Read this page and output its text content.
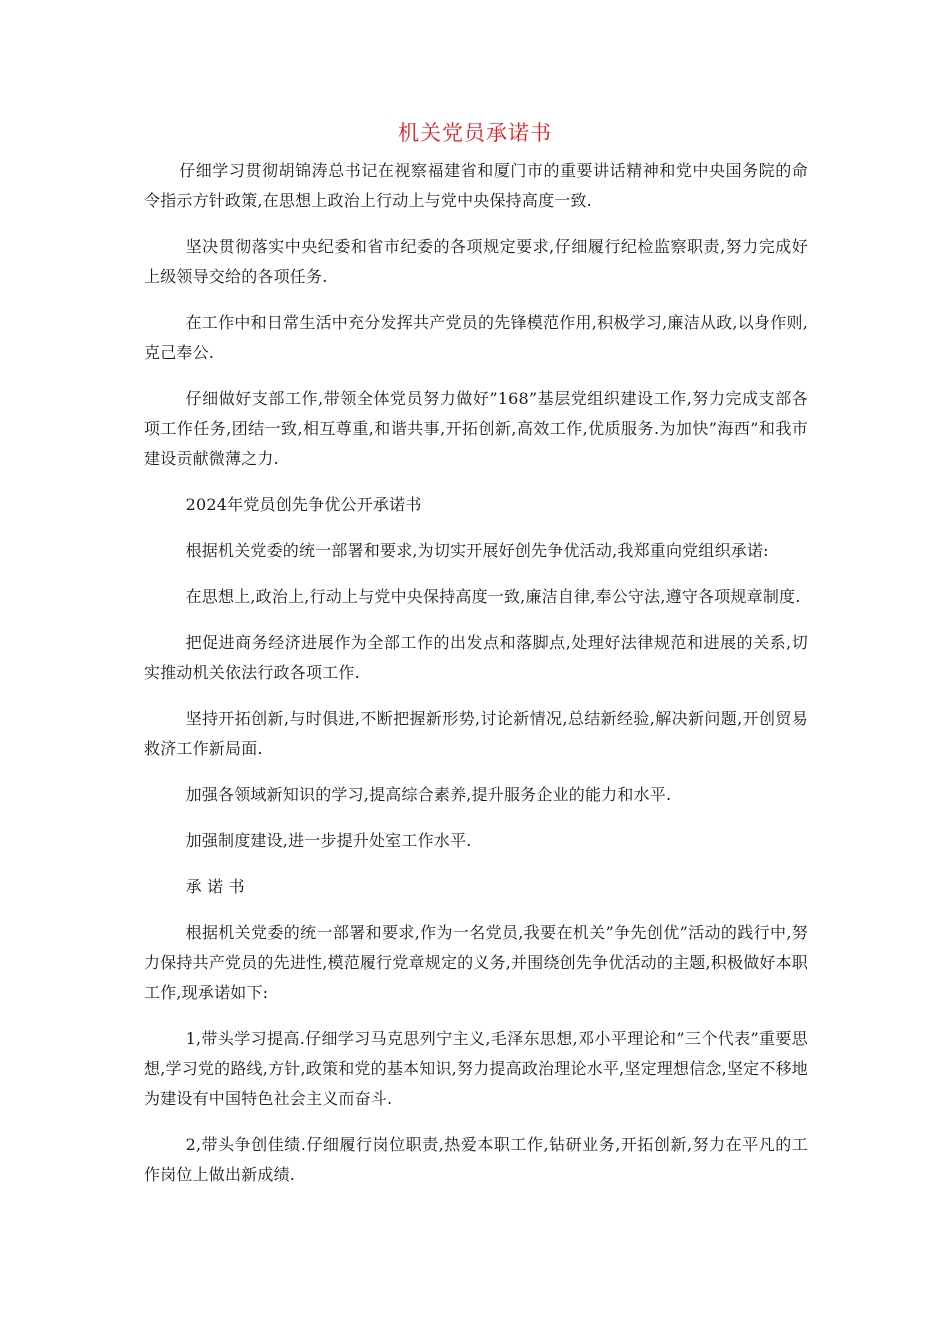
机关党员承诺书

仔细学习贯彻胡锦涛总书记在视察福建省和厦门市的重要讲话精神和党中央国务院的命令指示方针政策,在思想上政治上行动上与党中央保持高度一致.

坚决贯彻落实中央纪委和省市纪委的各项规定要求,仔细履行纪检监察职责,努力完成好上级领导交给的各项任务.

在工作中和日常生活中充分发挥共产党员的先锋模范作用,积极学习,廉洁从政,以身作则,克己奉公.

仔细做好支部工作,带领全体党员努力做好”168”基层党组织建设工作,努力完成支部各项工作任务,团结一致,相互尊重,和谐共事,开拓创新,高效工作,优质服务.为加快”海西”和我市建设贡献微薄之力.

2024年党员创先争优公开承诺书

根据机关党委的统一部署和要求,为切实开展好创先争优活动,我郑重向党组织承诺:

在思想上,政治上,行动上与党中央保持高度一致,廉洁自律,奉公守法,遵守各项规章制度.

把促进商务经济进展作为全部工作的出发点和落脚点,处理好法律规范和进展的关系,切实推动机关依法行政各项工作.

坚持开拓创新,与时俱进,不断把握新形势,讨论新情况,总结新经验,解决新问题,开创贸易救济工作新局面.

加强各领域新知识的学习,提高综合素养,提升服务企业的能力和水平.

加强制度建设,进一步提升处室工作水平.

承 诺 书

根据机关党委的统一部署和要求,作为一名党员,我要在机关”争先创优”活动的践行中,努力保持共产党员的先进性,模范履行党章规定的义务,并围绕创先争优活动的主题,积极做好本职工作,现承诺如下:

1,带头学习提高.仔细学习马克思列宁主义,毛泽东思想,邓小平理论和”三个代表”重要思想,学习党的路线,方针,政策和党的基本知识,努力提高政治理论水平,坚定理想信念,坚定不移地为建设有中国特色社会主义而奋斗.

2,带头争创佳绩.仔细履行岗位职责,热爱本职工作,钻研业务,开拓创新,努力在平凡的工作岗位上做出新成绩.
